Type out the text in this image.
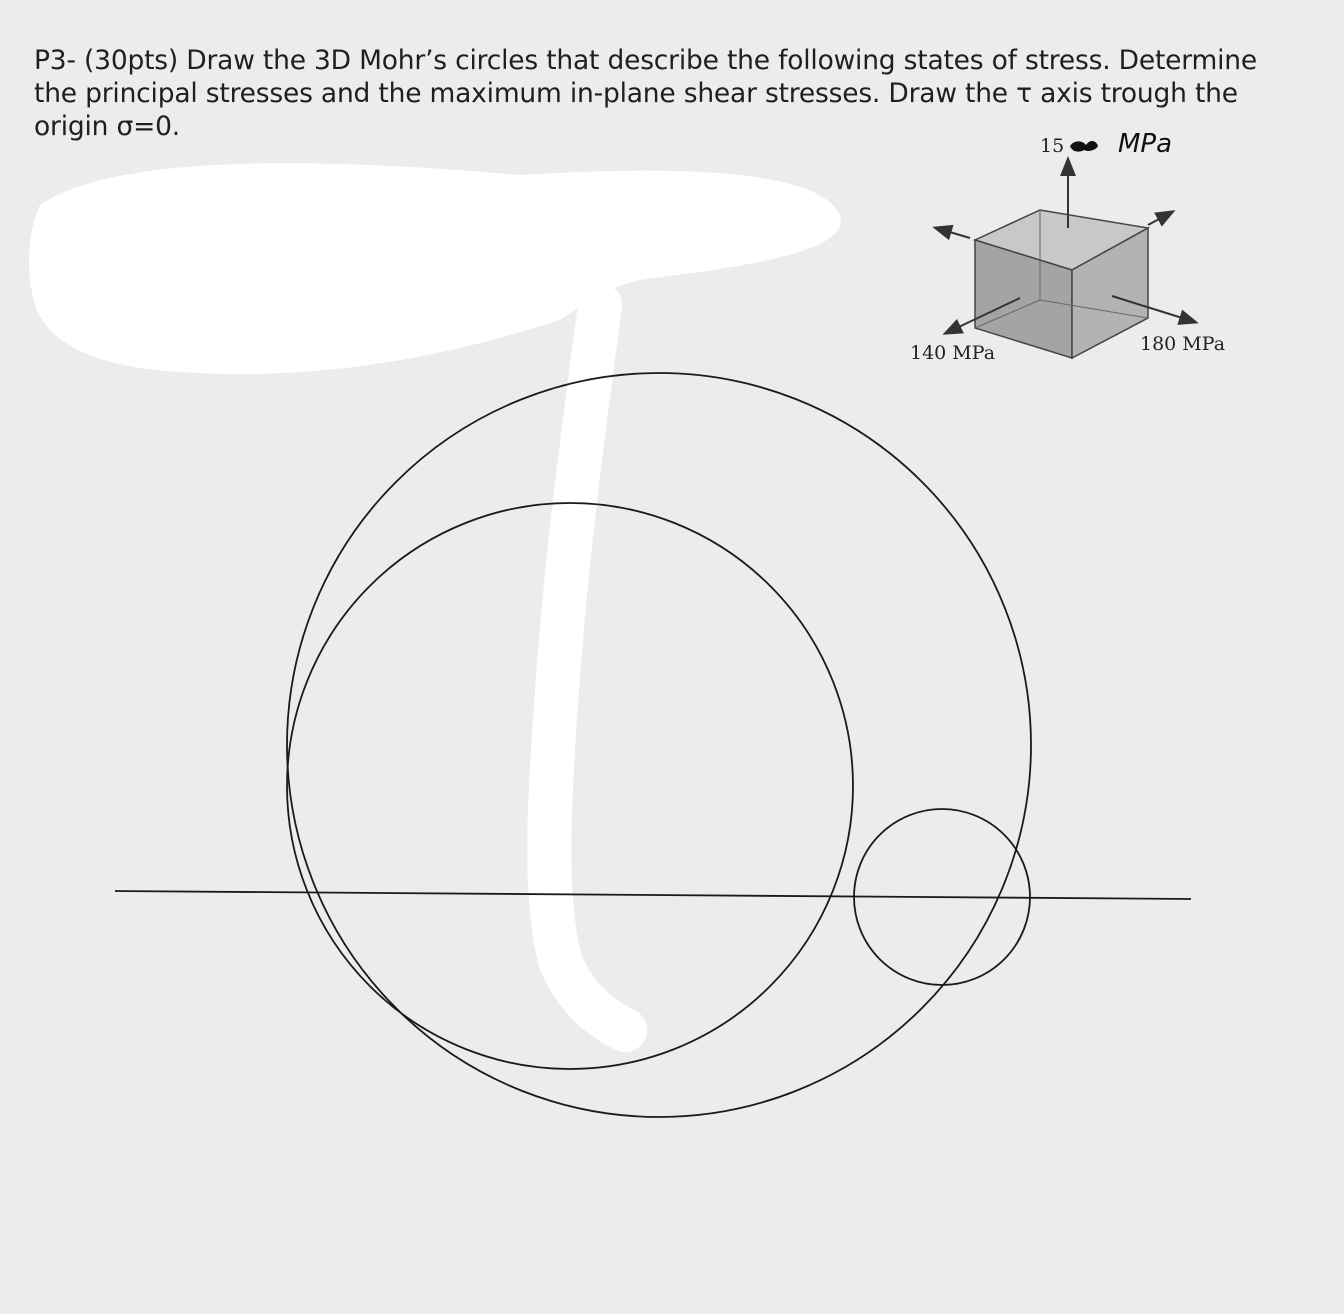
P3- (30pts) Draw the 3D Mohr’s circles that describe the following states of stress. Determine
the principal stresses and the maximum in-plane shear stresses. Draw the τ axis trough the
origin σ=0.
15 MPa
140 MPa	180 MPa
